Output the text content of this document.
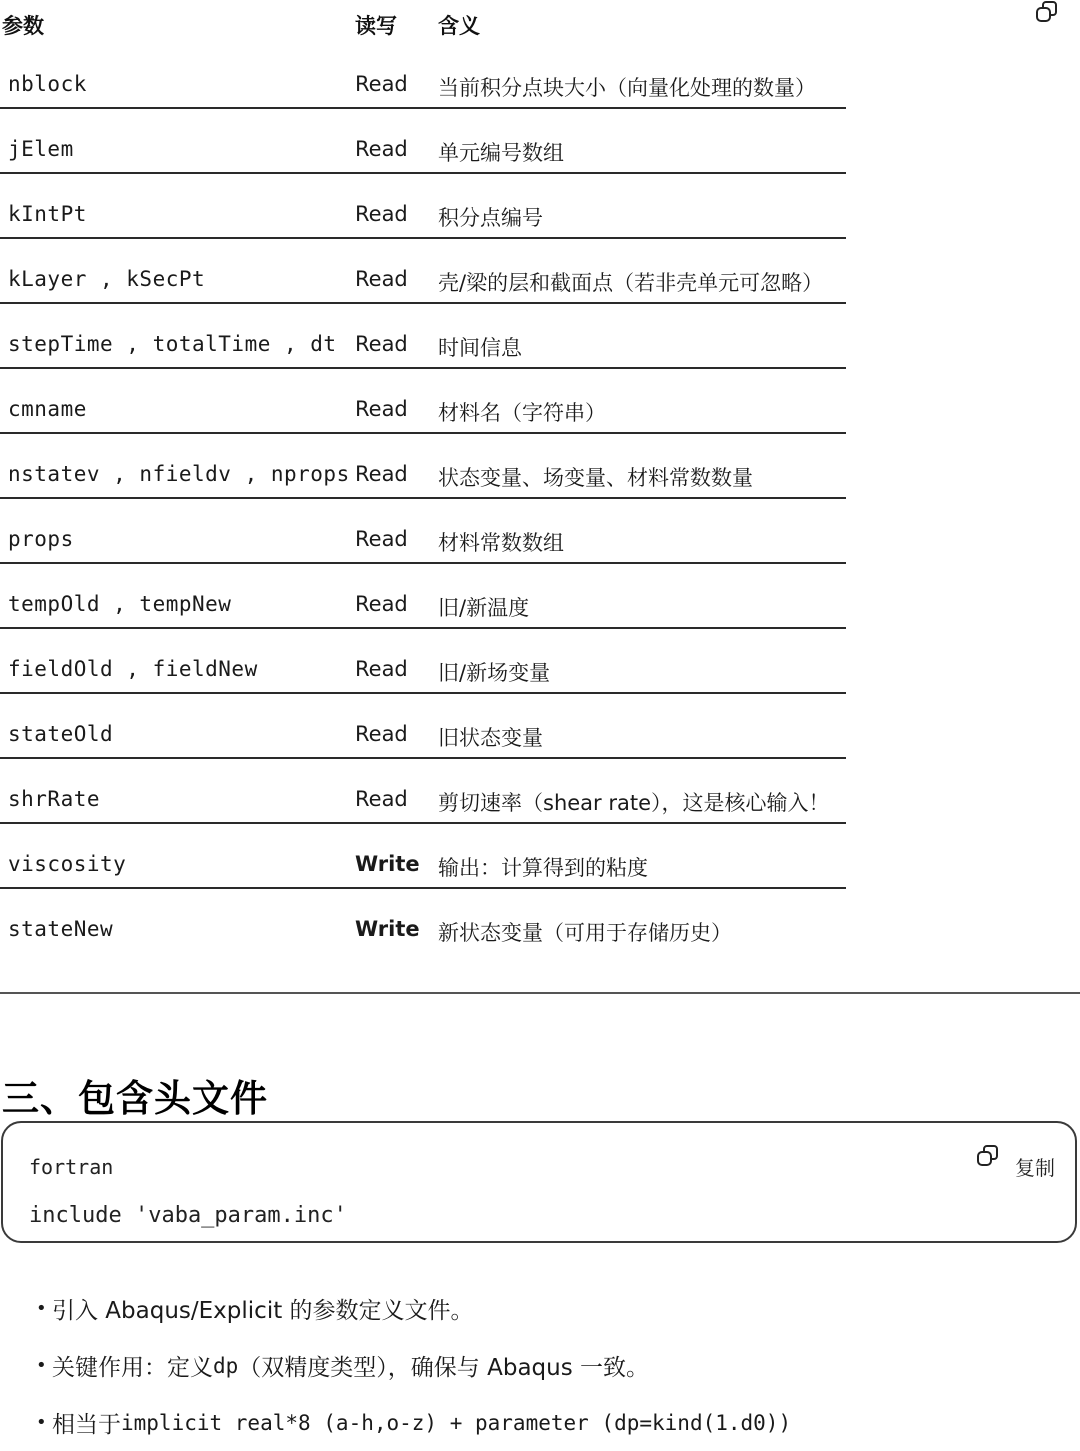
参数	读写 含义
nblock	Read 当前积分点块大小（向量化处理的数量）
jElem	Read 单元编号数组
kIntPt	Read 积分点编号
kLayer , kSecPt	Read 壳/梁的层和截面点（若非壳单元可忽略）
stepTime , totalTime , dt Read 时间信息
cmname	Read 材料名（字符串）
nstatev , nfieldv , nprops Read 状态变量、场变量、材料常数数量
props	Read 材料常数数组
tempOld , tempNew	Read 旧/新温度
fieldOld , fieldNew	Read 旧/新场变量
stateOld	Read 旧状态变量
shrRate	Read 剪切速率（shear rate），这是核心输入！
viscosity	Write 输出：计算得到的粘度
stateNew	Write 新状态变量（可用于存储历史）
三、包含头文件
fortran	复制
include 'vaba_param.inc'
• 引入 Abaqus/Explicit 的参数定义文件。
• 关键作用：定义 dp （双精度类型），确保与 Abaqus 一致。
• 相当于 implicit real*8 (a-h,o-z) + parameter (dp=kind(1.d0))
